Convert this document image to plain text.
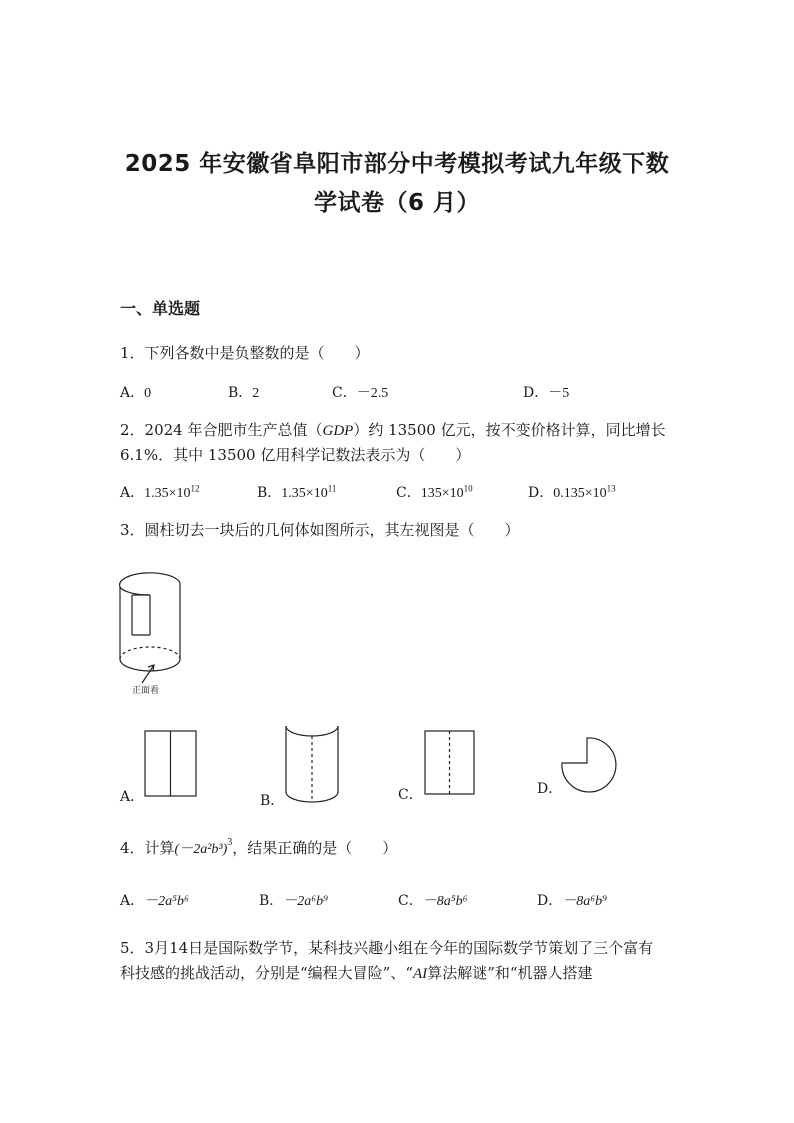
2025 年安徽省阜阳市部分中考模拟考试九年级下数
学试卷（6 月）
一、单选题
1．下列各数中是负整数的是（　　）
A．0	B．2	C．－2.5	D．－5
2．2024 年合肥市生产总值（GDP）约 13500 亿元，按不变价格计算，同比增长
6.1%．其中 13500 亿用科学记数法表示为（　　）
A．$1.35\times 10^{12}$	B．$1.35\times 10^{11}$	C．$135\times 10^{10}$	D．$0.135\times 10^{13}$
3．圆柱切去一块后的几何体如图所示，其左视图是（　　）
正面看
A．	B．	C．	D．
4．计算$(-2a^2b^3)^3$，结果正确的是（　　）
A．－2a⁵b⁶	B．－2a⁶b⁹	C．－8a⁵b⁶	D．－8a⁶b⁹
5．3月14日是国际数学节，某科技兴趣小组在今年的国际数学节策划了三个富有
科技感的挑战活动，分别是“编程大冒险”、“AI算法解谜”和“机器人搭建
